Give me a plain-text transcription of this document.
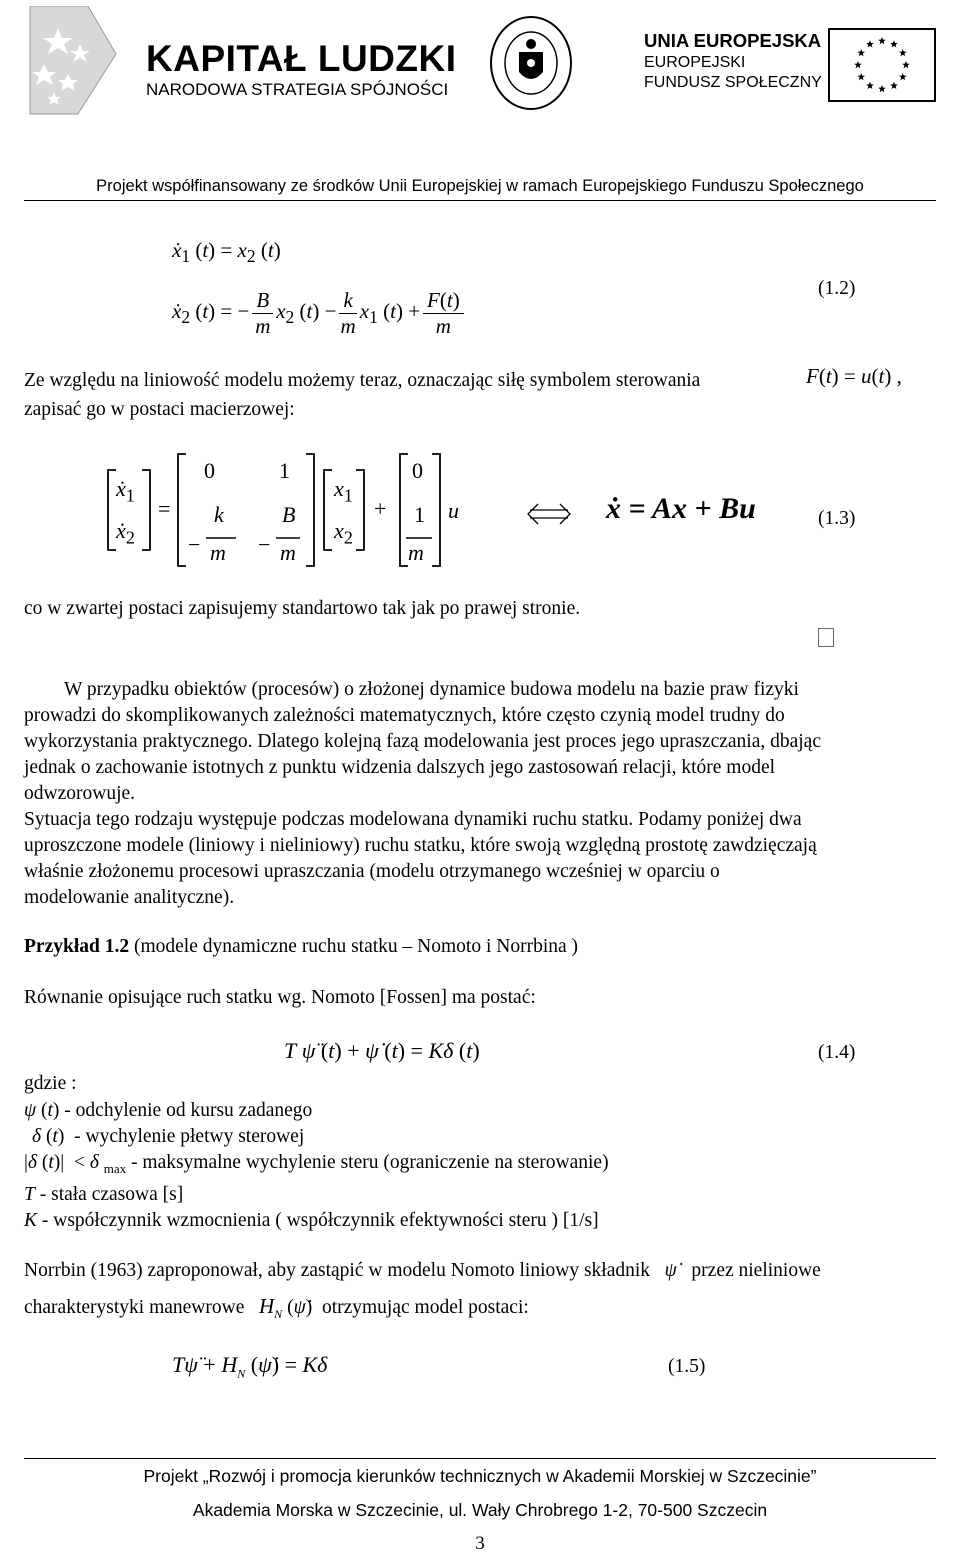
KAPITAŁ LUDZKI
NARODOWA STRATEGIA SPÓJNOŚCI
UNIA EUROPEJSKA
EUROPEJSKI
FUNDUSZ SPOŁECZNY
Projekt współfinansowany ze środków Unii Europejskiej w ramach Europejskiego Funduszu Społecznego
ẋ$_1$ $(t) = x_2$ (t)
ẋ$_2$ (t) = − $\frac{B}{m} x_2$ $(t) - \frac{k}{m} x_1$ $(t) + \frac{F(t)}{m}$	(1.2)
Ze względu na liniowość modelu możemy teraz, oznaczając siłę symbolem sterowania	F(t) = u(t) ,
zapisać go w postaci macierzowej:
ẋ$_1$
ẋ$_2$
=
0	1
−
k
m −
B
m
$x_1$
$x_2$
+
0
1
m
u	ẋ = Ax + Bu	(1.3)
co w zwartej postaci zapisujemy standartowo tak jak po prawej stronie.
W przypadku obiektów (procesów) o złożonej dynamice budowa modelu na bazie praw fizyki
prowadzi do skomplikowanych zależności matematycznych, które często czynią model trudny do
wykorzystania praktycznego. Dlatego kolejną fazą modelowania jest proces jego upraszczania, dbając
jednak o zachowanie istotnych z punktu widzenia dalszych jego zastosowań relacji, które model
odwzorowuje.
Sytuacja tego rodzaju występuje podczas modelowana dynamiki ruchu statku. Podamy poniżej dwa
uproszczone modele (liniowy i nieliniowy) ruchu statku, które swoją względną prostotę zawdzięczają
właśnie złożonemu procesowi upraszczania (modelu otrzymanego wcześniej w oparciu o
modelowanie analityczne).
Przykład 1.2 (modele dynamiczne ruchu statku – Nomoto i Norrbina )
Równanie opisujące ruch statku wg. Nomoto [Fossen] ma postać:
T ψ̈ (t) + ψ̇ (t) = Kδ (t)	(1.4)
gdzie :
ψ (t) - odchylenie od kursu zadanego
δ (t)  - wychylenie płetwy sterowej
|δ (t)|  < δ $_{max}$ - maksymalne wychylenie steru (ograniczenie na sterowanie)
T - stała czasowa [s]
K - współczynnik wzmocnienia ( współczynnik efektywności steru ) [1/s]
Norrbin (1963) zaproponował, aby zastąpić w modelu Nomoto liniowy składnik ψ̇ przez nieliniowe
charakterystyki manewrowe $H_N$ (ψ̇)  otrzymując model postaci:
Tψ̈ + $H_N$ (ψ̇) = Kδ	(1.5)
Projekt „Rozwój i promocja kierunków technicznych w Akademii Morskiej w Szczecinie”
Akademia Morska w Szczecinie, ul. Wały Chrobrego 1-2, 70-500 Szczecin
3
